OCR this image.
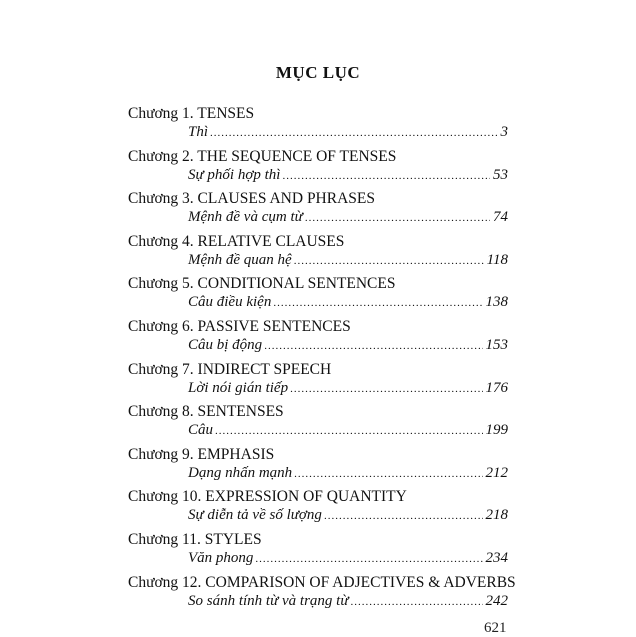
MỤC LỤC
Chương 1. TENSES
Thì .....	3
Chương 2. THE SEQUENCE OF TENSES
Sự phối hợp thì .....	53
Chương 3. CLAUSES AND PHRASES
Mệnh đề và cụm từ .....	74
Chương 4. RELATIVE CLAUSES
Mệnh đề quan hệ .....	118
Chương 5. CONDITIONAL SENTENCES
Câu điều kiện .....	138
Chương 6. PASSIVE SENTENCES
Câu bị động .....	153
Chương 7. INDIRECT SPEECH
Lời nói gián tiếp .....	176
Chương 8. SENTENSES
Câu .....	199
Chương 9. EMPHASIS
Dạng nhấn mạnh .....	212
Chương 10. EXPRESSION OF QUANTITY
Sự diễn tả về số lượng .....	218
Chương 11. STYLES
Văn phong .....	234
Chương 12. COMPARISON OF ADJECTIVES & ADVERBS
So sánh tính từ và trạng từ .....	242
621
